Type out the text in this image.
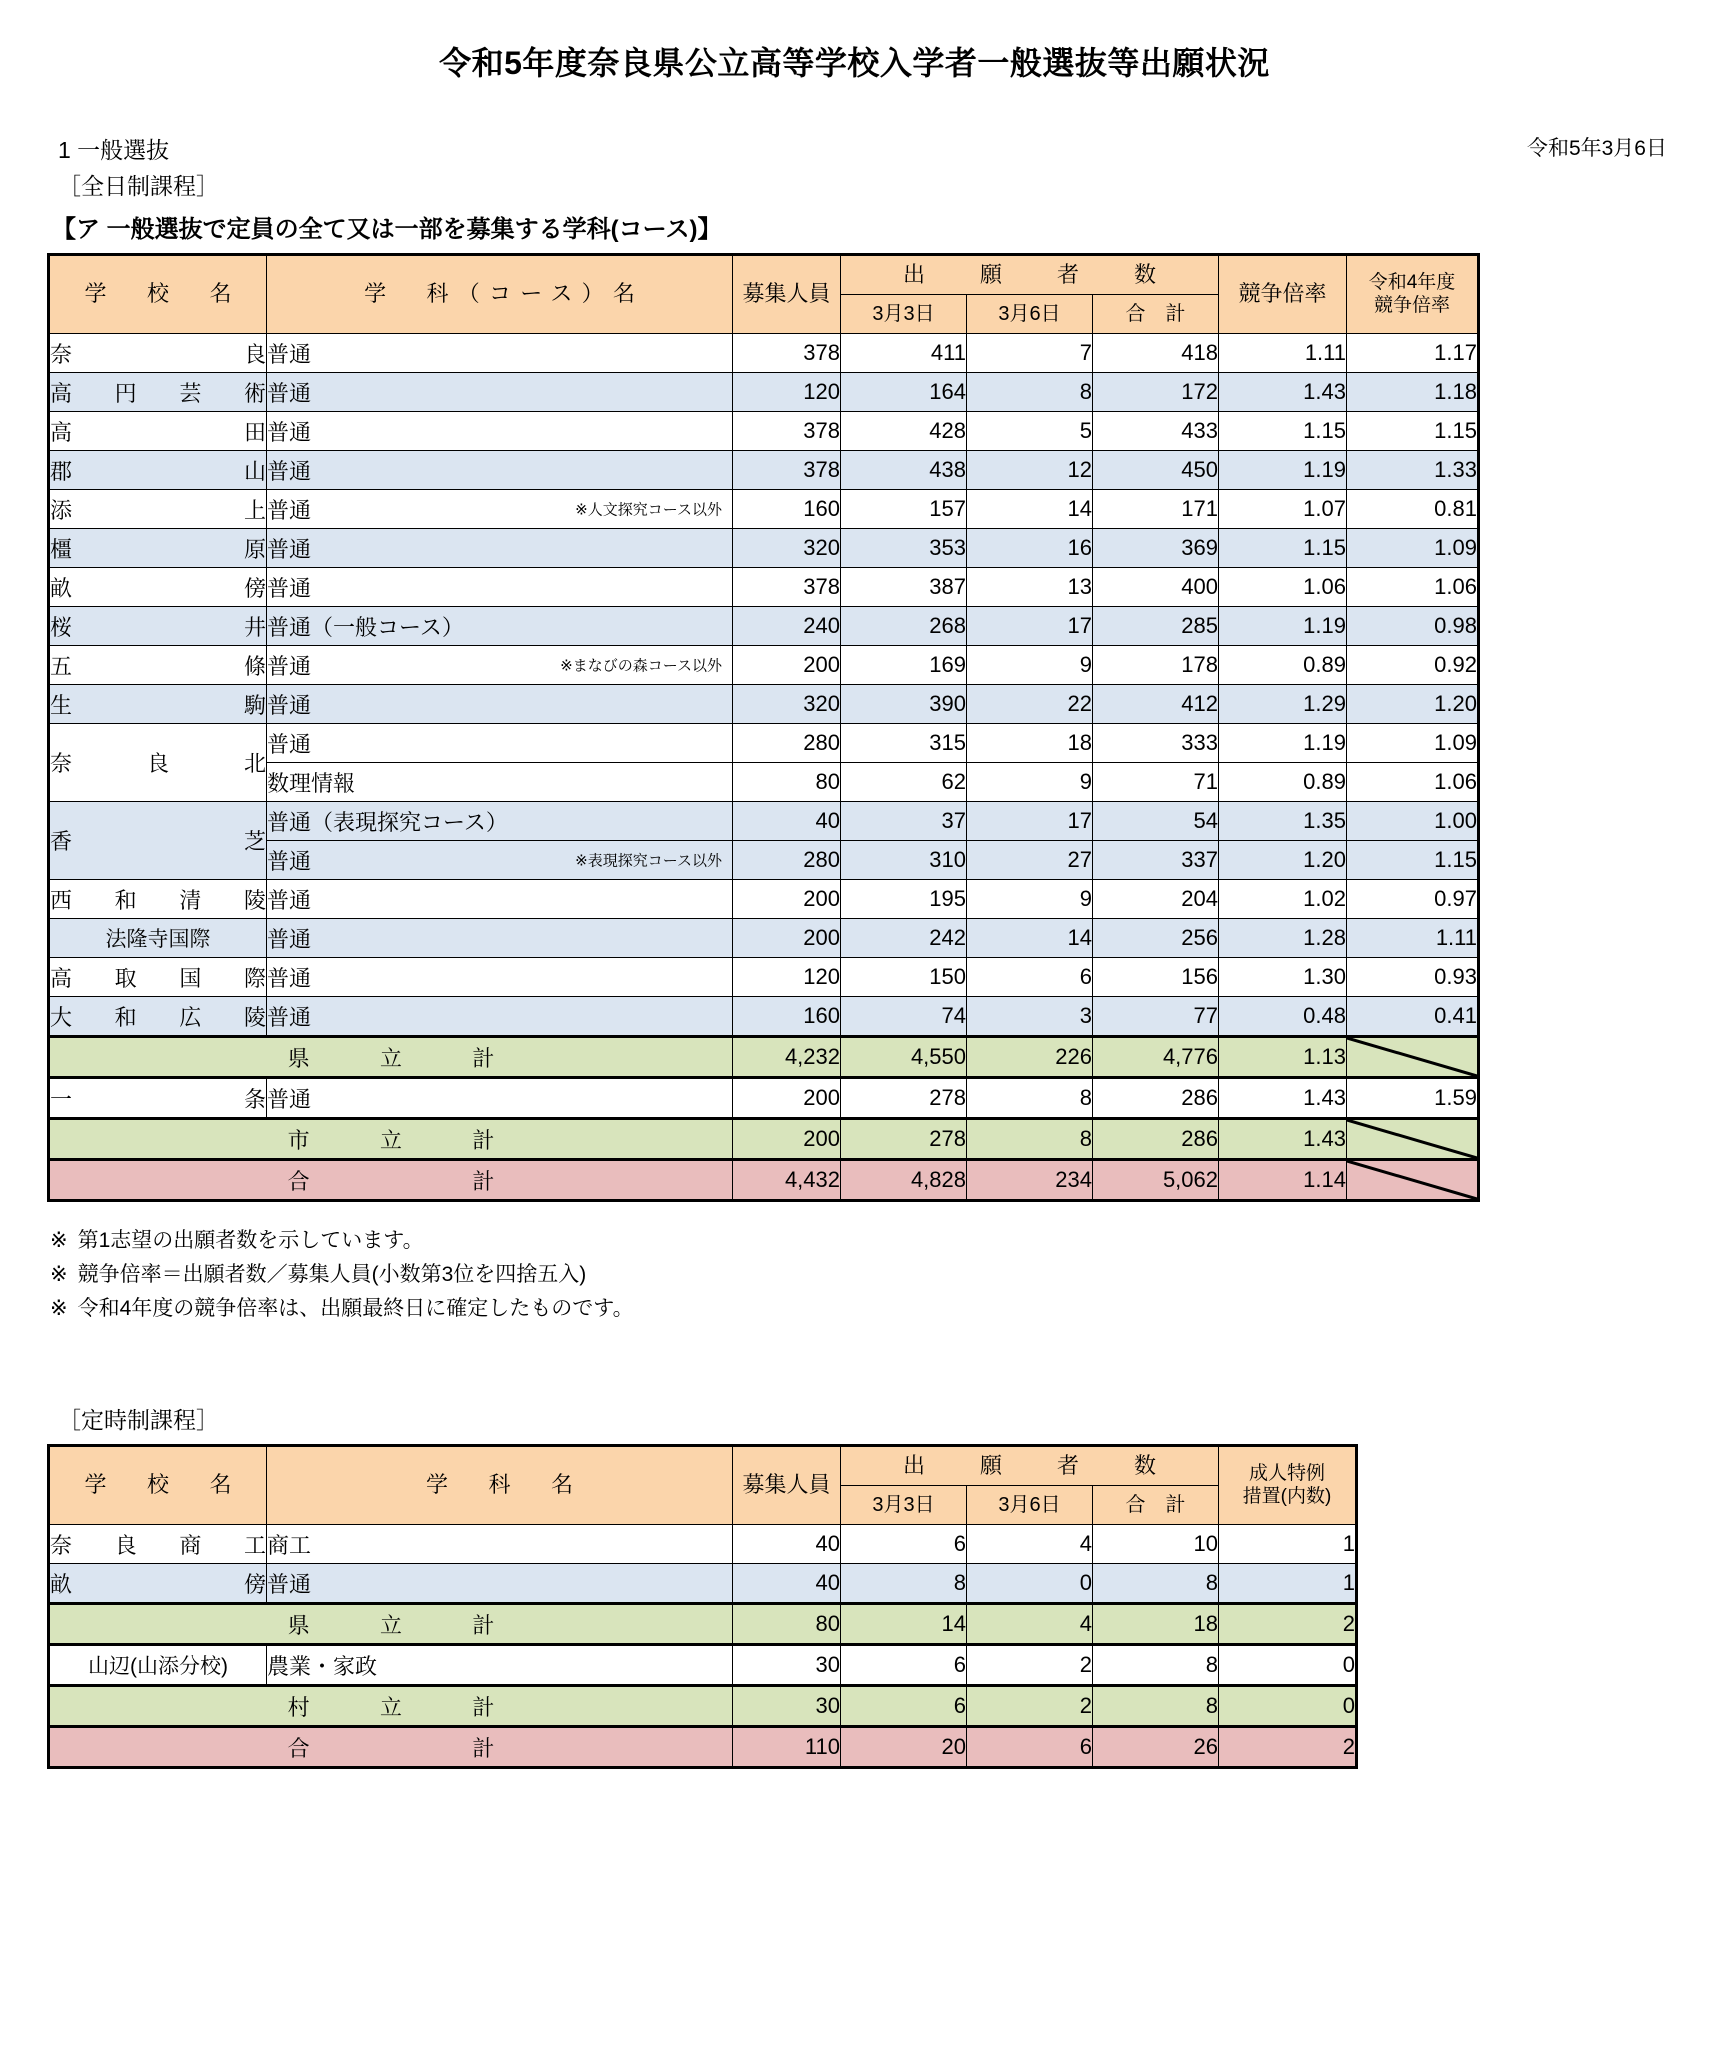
令和5年度奈良県公立高等学校入学者一般選抜等出願状況
1 一般選抜	令和5年3月6日
［全日制課程］
【ア 一般選抜で定員の全て又は一部を募集する学科(コース)】
学　校　名	学　科（コース）名	募集人員	出　願　者　数			競争倍率	令和4年度
競争倍率
			3月3日	3月6日	合　計		
奈良	普通	378	411	7	418	1.11	1.17
高円芸術	普通	120	164	8	172	1.43	1.18
高田	普通	378	428	5	433	1.15	1.15
郡山	普通	378	438	12	450	1.19	1.33
添上	普通 ※人文探究コース以外	160	157	14	171	1.07	0.81
橿原	普通	320	353	16	369	1.15	1.09
畝傍	普通	378	387	13	400	1.06	1.06
桜井	普通（一般コース）	240	268	17	285	1.19	0.98
五條	普通 ※まなびの森コース以外	200	169	9	178	0.89	0.92
生駒	普通	320	390	22	412	1.29	1.20
奈良北	普通	280	315	18	333	1.19	1.09
	数理情報	80	62	9	71	0.89	1.06
香芝	普通（表現探究コース）	40	37	17	54	1.35	1.00
	普通 ※表現探究コース以外	280	310	27	337	1.20	1.15
西和清陵	普通	200	195	9	204	1.02	0.97
法隆寺国際	普通	200	242	14	256	1.28	1.11
高取国際	普通	120	150	6	156	1.30	0.93
大和広陵	普通	160	74	3	77	0.48	0.41
県　立　計		4,232	4,550	226	4,776	1.13	

一条	普通	200	278	8	286	1.43	1.59
市　立　計		200	278	8	286	1.43	

合　　　計		4,432	4,828	234	5,062	1.14	
※ 第1志望の出願者数を示しています。
※ 競争倍率＝出願者数／募集人員(小数第3位を四捨五入)
※ 令和4年度の競争倍率は、出願最終日に確定したものです。
［定時制課程］
学　校　名	学　科　名	募集人員	出　願　者　数			成人特例
措置(内数)
			3月3日	3月6日	合　計	
奈良商工	商工	40	6	4	10	1
畝傍	普通	40	8	0	8	1
県　立　計		80	14	4	18	2
山辺(山添分校)	農業・家政	30	6	2	8	0
村　立　計		30	6	2	8	0
合　　　計		110	20	6	26	2
